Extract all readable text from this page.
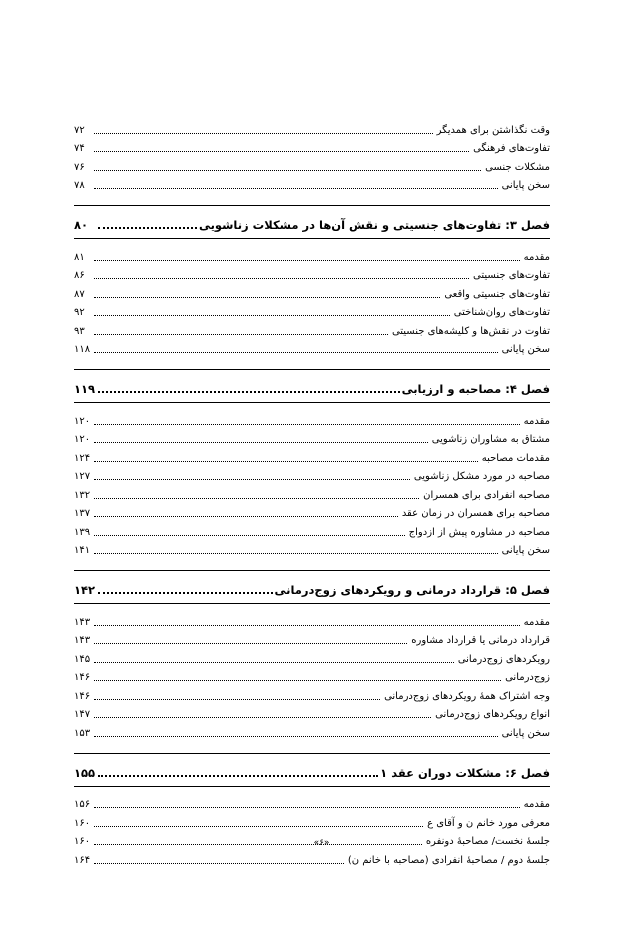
وقت نگذاشتن برای همدیگر
۷۲
تفاوت‌های فرهنگی
۷۴
مشکلات جنسی
۷۶
سخن پایانی
۷۸
فصل ۳: تفاوت‌های جنسیتی و نقش آن‌ها در مشکلات زناشویی
۸۰
مقدمه
۸۱
تفاوت‌های جنسیتی
۸۶
تفاوت‌های جنسیتی واقعی
۸۷
تفاوت‌های روان‌شناختی
۹۲
تفاوت در نقش‌ها و کلیشه‌های جنسیتی
۹۳
سخن پایانی
۱۱۸
فصل ۴: مصاحبه و ارزیابی
۱۱۹
مقدمه
۱۲۰
مشتاق به مشاوران زناشویی
۱۲۰
مقدمات مصاحبه
۱۲۴
مصاحبه در مورد مشکل زناشویی
۱۲۷
مصاحبه انفرادی برای همسران
۱۳۲
مصاحبه برای همسران در زمان عقد
۱۳۷
مصاحبه در مشاوره پیش از ازدواج
۱۳۹
سخن پایانی
۱۴۱
فصل ۵: قرارداد درمانی و رویکردهای زوج‌درمانی
۱۴۲
مقدمه
۱۴۳
قرارداد درمانی یا قرارداد مشاوره
۱۴۳
رویکردهای زوج‌درمانی
۱۴۵
زوج‌درمانی
۱۴۶
وجه اشتراک همهٔ رویکردهای زوج‌درمانی
۱۴۶
انواع رویکردهای زوج‌درمانی
۱۴۷
سخن پایانی
۱۵۳
فصل ۶: مشکلات دوران عقد ۱
۱۵۵
مقدمه
۱۵۶
معرفی مورد خانم ن و آقای ع
۱۶۰
جلسهٔ نخست/ مصاحبهٔ دونفره
۱۶۰
جلسهٔ دوم / مصاحبهٔ انفرادی (مصاحبه با خانم ن)
۱۶۴
«۶»
